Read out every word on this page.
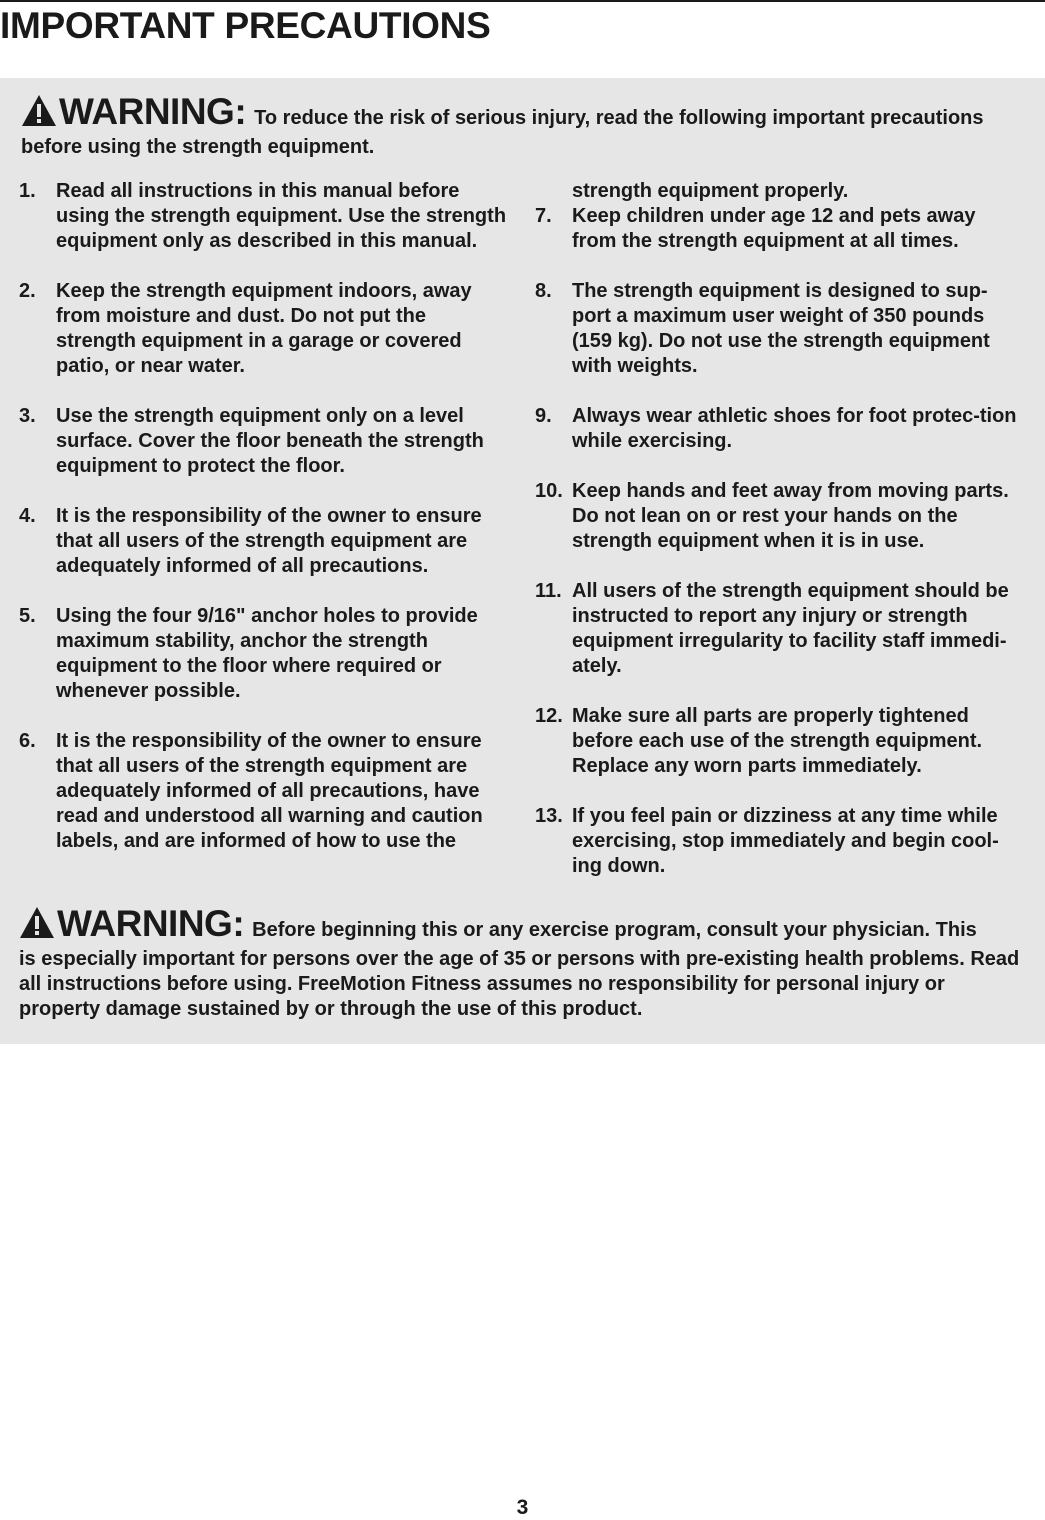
IMPORTANT PRECAUTIONS
WARNING: To reduce the risk of serious injury, read the following important precautions
before using the strength equipment.
1. Read all instructions in this manual before using the strength equipment. Use the strength equipment only as described in this manual.
2. Keep the strength equipment indoors, away from moisture and dust. Do not put the strength equipment in a garage or covered patio, or near water.
3. Use the strength equipment only on a level surface. Cover the floor beneath the strength equipment to protect the floor.
4. It is the responsibility of the owner to ensure that all users of the strength equipment are adequately informed of all precautions.
5. Using the four 9/16" anchor holes to provide maximum stability, anchor the strength equipment to the floor where required or whenever possible.
6. It is the responsibility of the owner to ensure that all users of the strength equipment are adequately informed of all precautions, have read and understood all warning and caution labels, and are informed of how to use the
strength equipment properly.
7. Keep children under age 12 and pets away from the strength equipment at all times.
8. The strength equipment is designed to sup-port a maximum user weight of 350 pounds (159 kg). Do not use the strength equipment with weights.
9. Always wear athletic shoes for foot protec-tion while exercising.
10. Keep hands and feet away from moving parts. Do not lean on or rest your hands on the strength equipment when it is in use.
11. All users of the strength equipment should be instructed to report any injury or strength equipment irregularity to facility staff immedi-ately.
12. Make sure all parts are properly tightened before each use of the strength equipment. Replace any worn parts immediately.
13. If you feel pain or dizziness at any time while exercising, stop immediately and begin cool-ing down.
WARNING: Before beginning this or any exercise program, consult your physician. This
is especially important for persons over the age of 35 or persons with pre-existing health problems. Read all instructions before using. FreeMotion Fitness assumes no responsibility for personal injury or property damage sustained by or through the use of this product.
3
